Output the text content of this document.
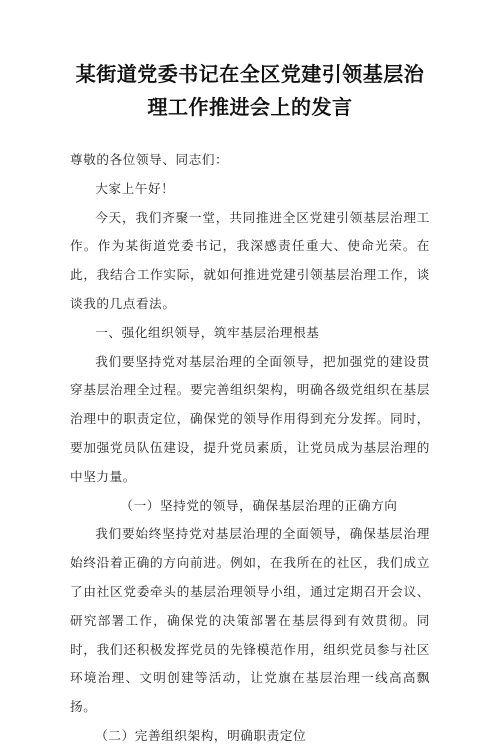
某街道党委书记在全区党建引领基层治
理工作推进会上的发言

尊敬的各位领导、同志们：

大家上午好！

今天，我们齐聚一堂，共同推进全区党建引领基层治理工作。作为某街道党委书记，我深感责任重大、使命光荣。在此，我结合工作实际，就如何推进党建引领基层治理工作，谈谈我的几点看法。

一、强化组织领导，筑牢基层治理根基

我们要坚持党对基层治理的全面领导，把加强党的建设贯穿基层治理全过程。要完善组织架构，明确各级党组织在基层治理中的职责定位，确保党的领导作用得到充分发挥。同时，要加强党员队伍建设，提升党员素质，让党员成为基层治理的中坚力量。

（一）坚持党的领导，确保基层治理的正确方向

我们要始终坚持党对基层治理的全面领导，确保基层治理始终沿着正确的方向前进。例如，在我所在的社区，我们成立了由社区党委牵头的基层治理领导小组，通过定期召开会议、研究部署工作，确保党的决策部署在基层得到有效贯彻。同时，我们还积极发挥党员的先锋模范作用，组织党员参与社区环境治理、文明创建等活动，让党旗在基层治理一线高高飘扬。

（二）完善组织架构，明确职责定位
